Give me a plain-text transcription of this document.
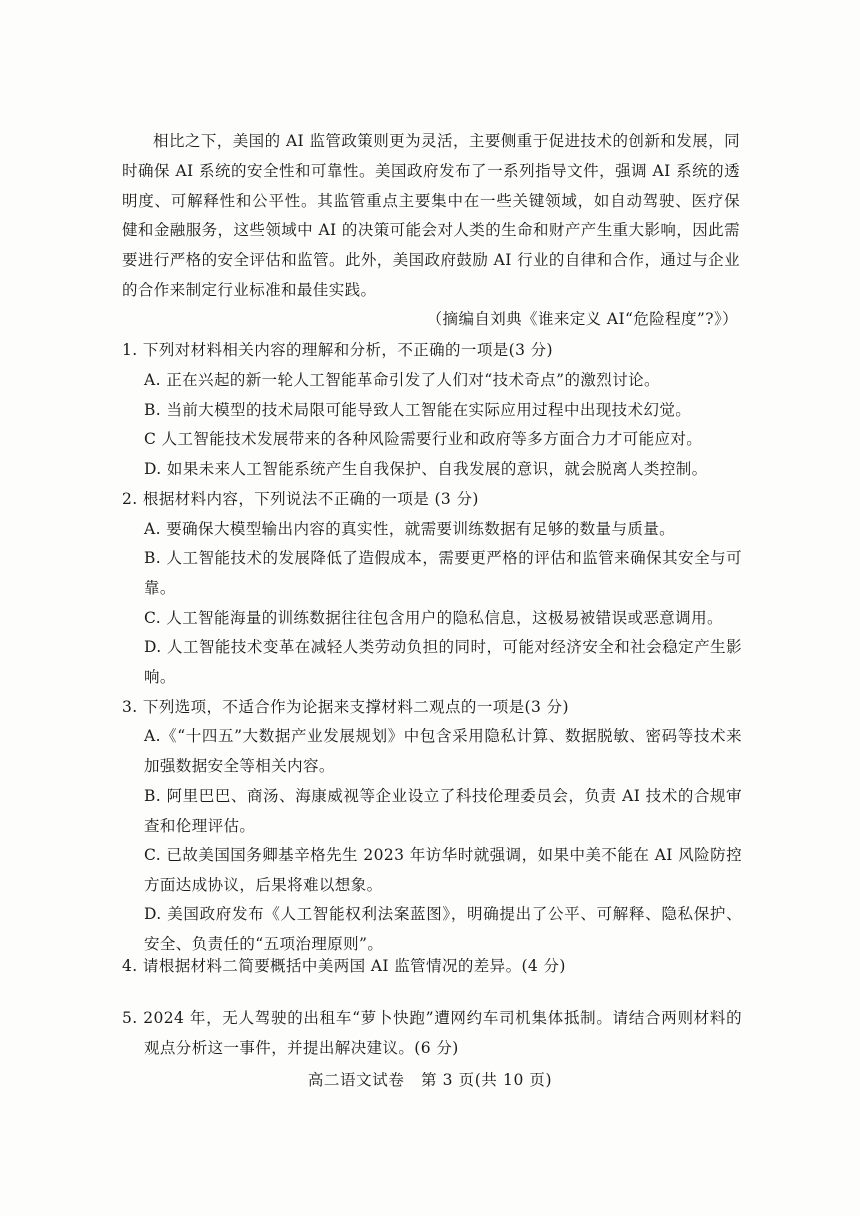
相比之下，美国的 AI 监管政策则更为灵活，主要侧重于促进技术的创新和发展，同时确保 AI 系统的安全性和可靠性。美国政府发布了一系列指导文件，强调 AI 系统的透明度、可解释性和公平性。其监管重点主要集中在一些关键领域，如自动驾驶、医疗保健和金融服务，这些领域中 AI 的决策可能会对人类的生命和财产产生重大影响，因此需要进行严格的安全评估和监管。此外，美国政府鼓励 AI 行业的自律和合作，通过与企业的合作来制定行业标准和最佳实践。

（摘编自刘典《谁来定义 AI“危险程度”?》）
1. 下列对材料相关内容的理解和分析，不正确的一项是(3 分)
A. 正在兴起的新一轮人工智能革命引发了人们对“技术奇点”的激烈讨论。
B. 当前大模型的技术局限可能导致人工智能在实际应用过程中出现技术幻觉。
C 人工智能技术发展带来的各种风险需要行业和政府等多方面合力才可能应对。
D. 如果未来人工智能系统产生自我保护、自我发展的意识，就会脱离人类控制。
2. 根据材料内容，下列说法不正确的一项是 (3 分)
A. 要确保大模型输出内容的真实性，就需要训练数据有足够的数量与质量。
B. 人工智能技术的发展降低了造假成本，需要更严格的评估和监管来确保其安全与可靠。
C. 人工智能海量的训练数据往往包含用户的隐私信息，这极易被错误或恶意调用。
D. 人工智能技术变革在减轻人类劳动负担的同时，可能对经济安全和社会稳定产生影响。
3. 下列选项，不适合作为论据来支撑材料二观点的一项是(3 分)
A.《“十四五”大数据产业发展规划》中包含采用隐私计算、数据脱敏、密码等技术来加强数据安全等相关内容。
B. 阿里巴巴、商汤、海康威视等企业设立了科技伦理委员会，负责 AI 技术的合规审查和伦理评估。
C. 已故美国国务卿基辛格先生 2023 年访华时就强调，如果中美不能在 AI 风险防控方面达成协议，后果将难以想象。
D. 美国政府发布《人工智能权利法案蓝图》，明确提出了公平、可解释、隐私保护、安全、负责任的“五项治理原则”。
4. 请根据材料二简要概括中美两国 AI 监管情况的差异。(4 分)
5. 2024 年，无人驾驶的出租车“萝卜快跑”遭网约车司机集体抵制。请结合两则材料的观点分析这一事件，并提出解决建议。(6 分)
高二语文试卷   第 3 页(共 10 页)
